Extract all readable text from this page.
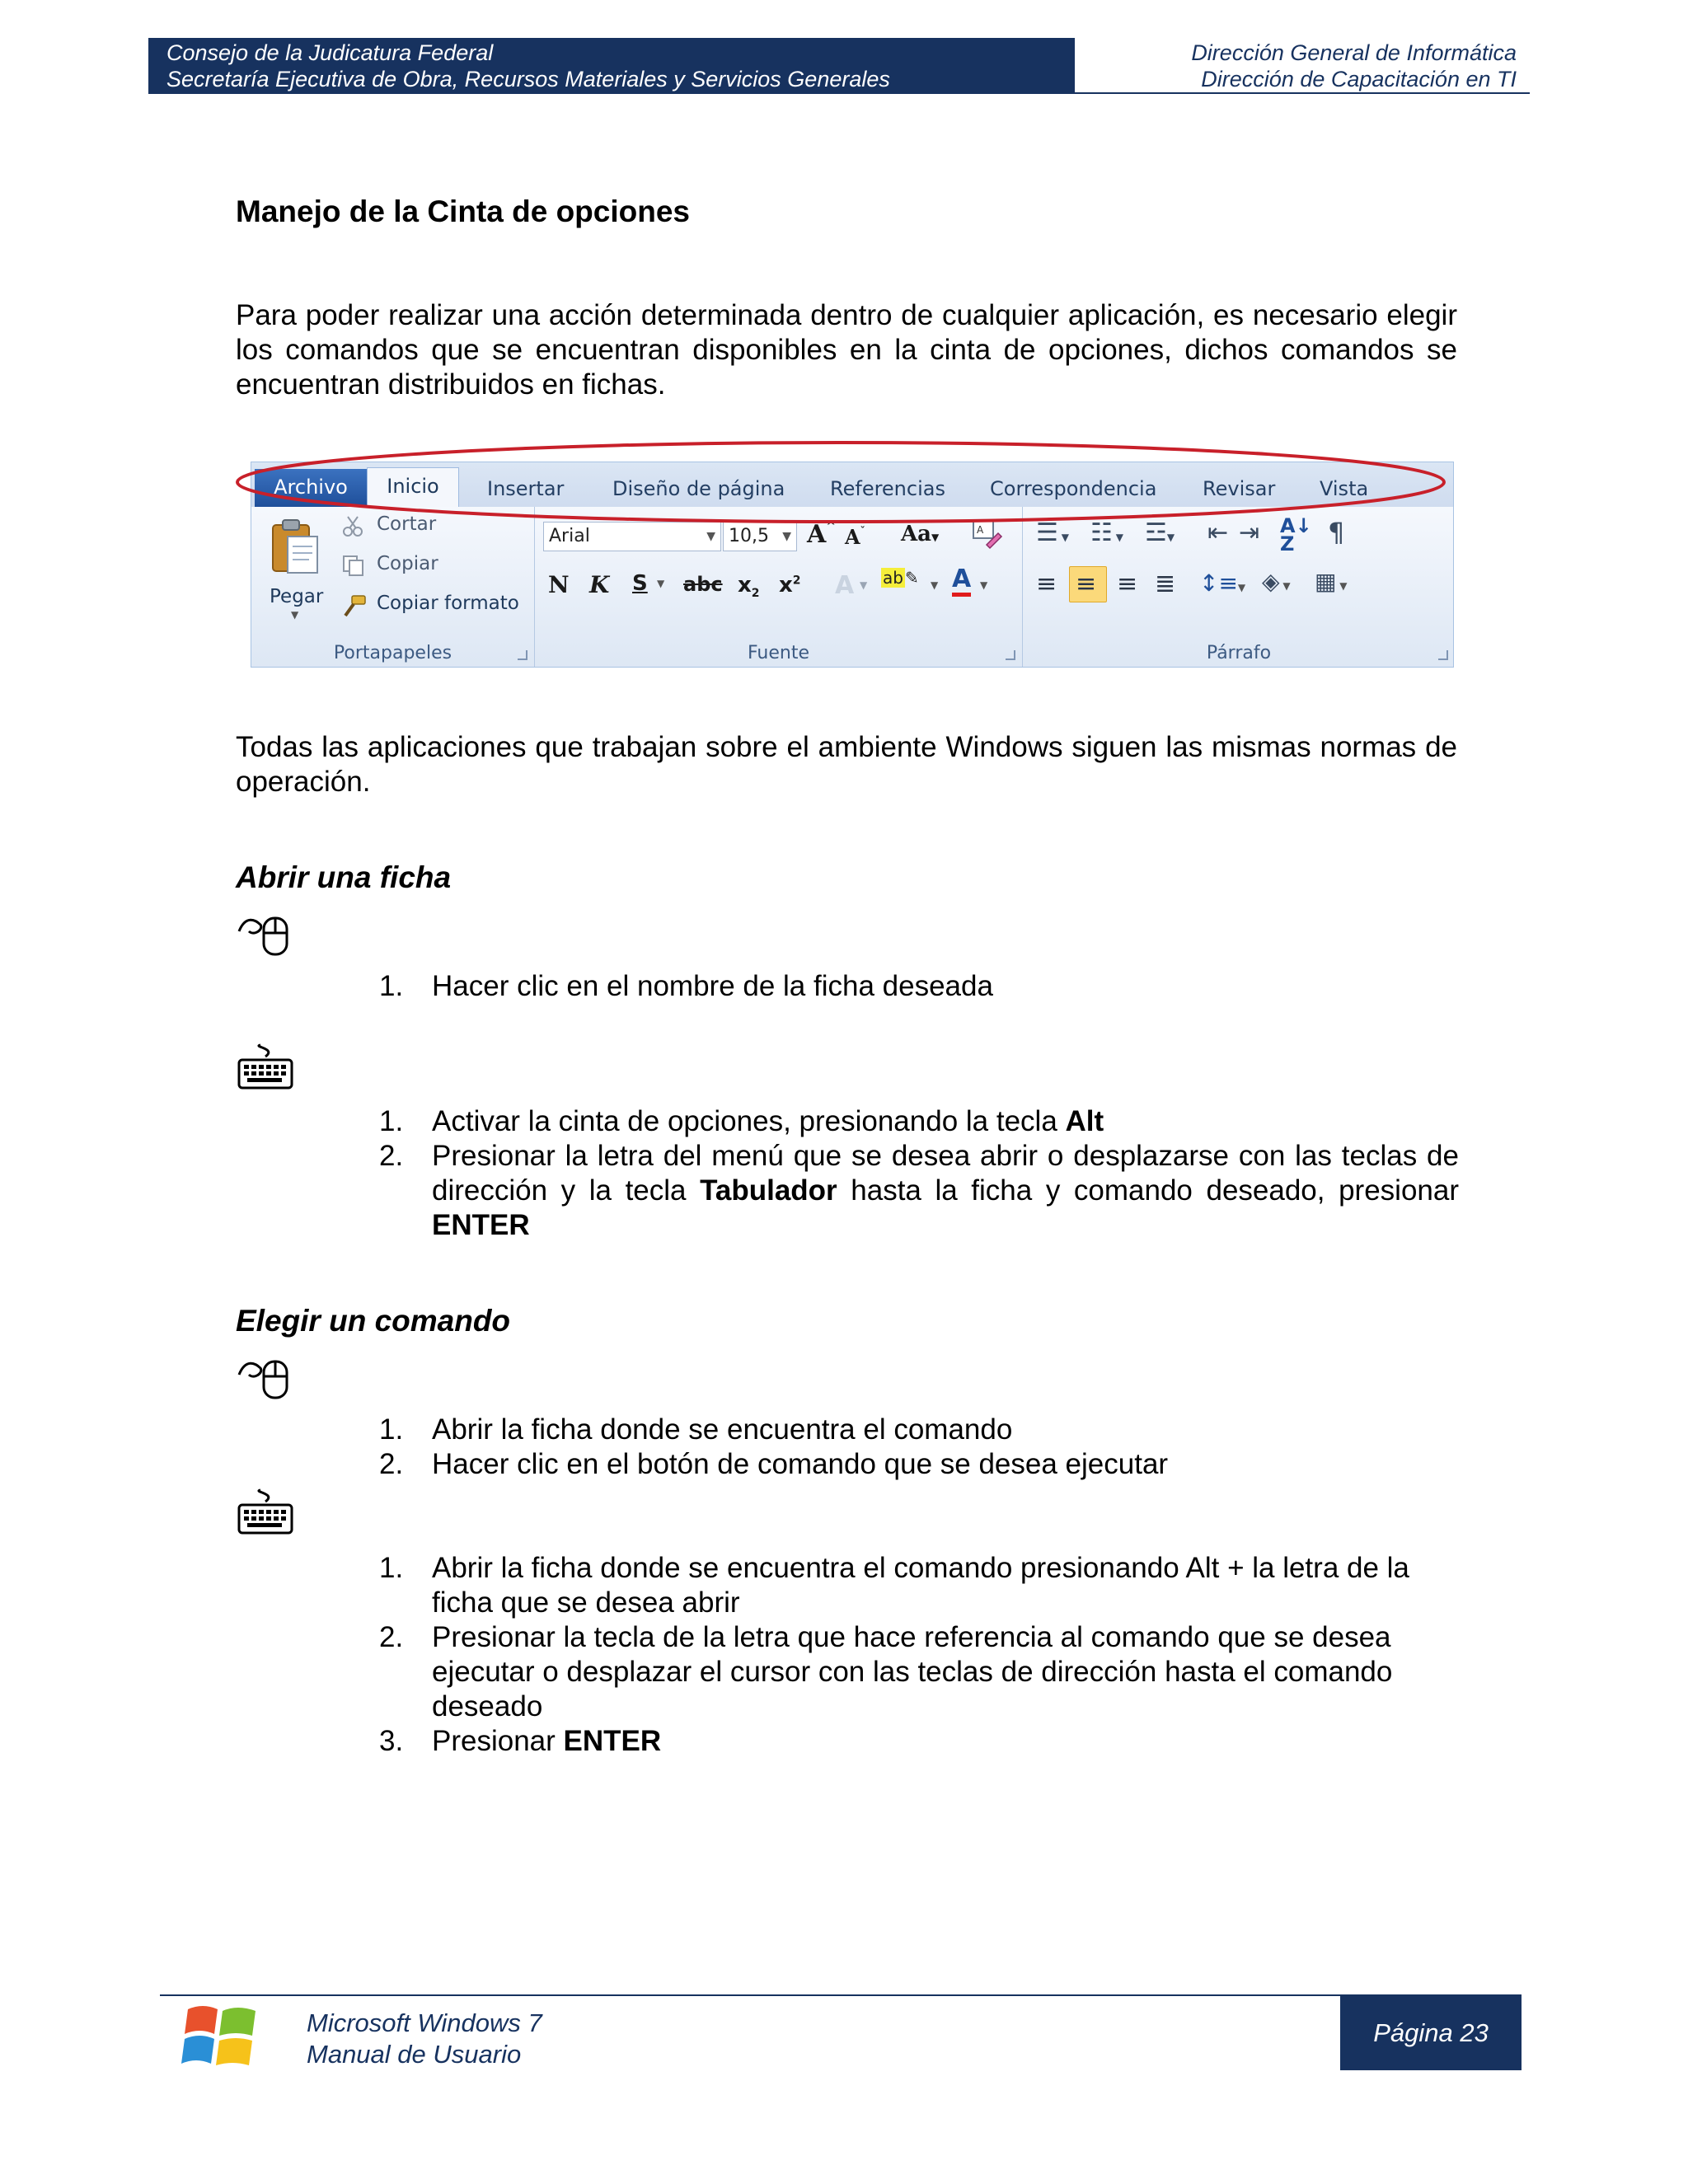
Consejo de la Judicatura Federal
Secretaría Ejecutiva de Obra, Recursos Materiales y Servicios Generales
Dirección General de Informática
Dirección de Capacitación en TI
Manejo de la Cinta de opciones
Para poder realizar una acción determinada dentro de cualquier aplicación, es necesario elegir los comandos que se encuentran disponibles en la cinta de opciones, dichos comandos se encuentran distribuidos en fichas.
Archivo	Inicio	Insertar Diseño de página Referencias Correspondencia Revisar Vista
Pegar
▼
Cortar
Copiar
Copiar formato
Portapapeles
Arial	▼ 10,5 ▼ A^ $A^ˇ$ Aa▼
A
N K S ▼ abc $x_2$ $x^2$ A ▼ ab ✎ ▼ A ▼
Fuente
☰ ▼ ☷ ▼ ☲▼ ⇤ ⇥ A↓
Z	¶
≡ ≡ ≡ ≣ ↕≡▼ ◈ ▼ ▦ ▼
Párrafo
Todas las aplicaciones que trabajan sobre el ambiente Windows siguen las mismas normas de operación.
Abrir una ficha
1. Hacer clic en el nombre de la ficha deseada
1. Activar la cinta de opciones, presionando la tecla Alt
2. Presionar la letra del menú que se desea abrir o desplazarse con las teclas de dirección y la tecla Tabulador hasta la ficha y comando deseado, presionar ENTER
Elegir un comando
1. Abrir la ficha donde se encuentra el comando
2. Hacer clic en el botón de comando que se desea ejecutar
1. Abrir la ficha donde se encuentra el comando presionando Alt + la letra de la ficha que se desea abrir
2. Presionar la tecla de la letra que hace referencia al comando que se desea ejecutar o desplazar el cursor con las teclas de dirección hasta el comando deseado
3. Presionar ENTER
Microsoft Windows 7
Manual de Usuario
Página 23
